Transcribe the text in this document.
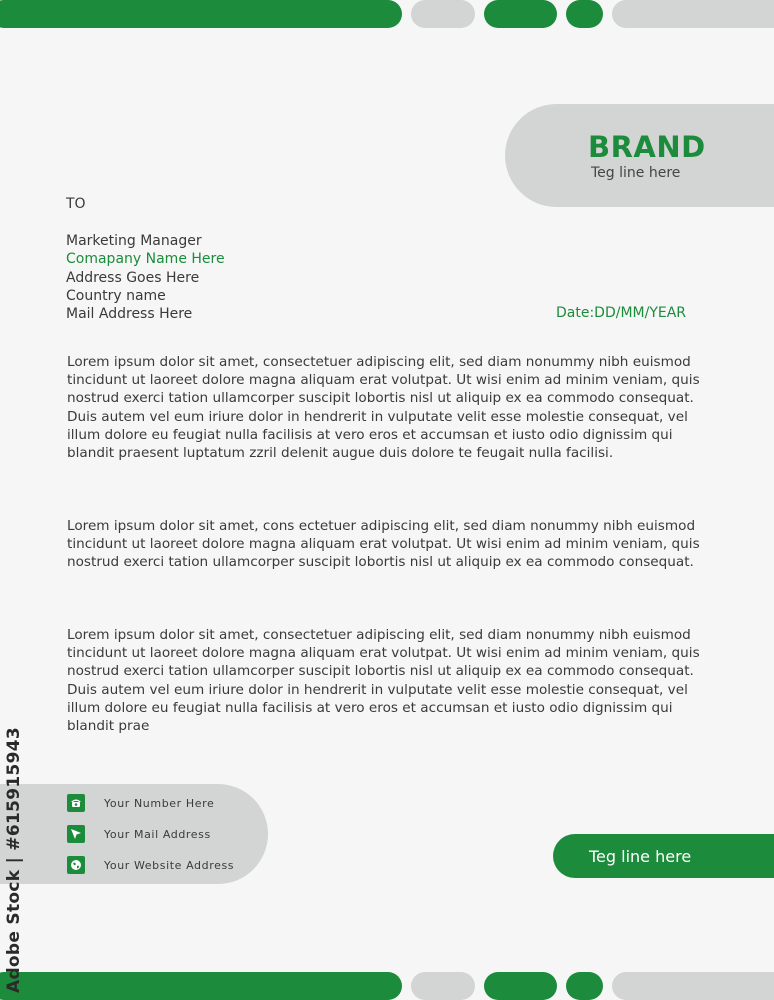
BRAND
Teg line here
TO
Marketing Manager
Comapany Name Here
Address Goes Here
Country name
Mail Address Here	Date:DD/MM/YEAR

Lorem ipsum dolor sit amet, consectetuer adipiscing elit, sed diam nonummy nibh euismod tincidunt ut laoreet dolore magna aliquam erat volutpat. Ut wisi enim ad minim veniam, quis nostrud exerci tation ullamcorper suscipit lobortis nisl ut aliquip ex ea commodo consequat. Duis autem vel eum iriure dolor in hendrerit in vulputate velit esse molestie consequat, vel illum dolore eu feugiat nulla facilisis at vero eros et accumsan et iusto odio dignissim qui blandit praesent luptatum zzril delenit augue duis dolore te feugait nulla facilisi.

Lorem ipsum dolor sit amet, cons ectetuer adipiscing elit, sed diam nonummy nibh euismod tincidunt ut laoreet dolore magna aliquam erat volutpat. Ut wisi enim ad minim veniam, quis nostrud exerci tation ullamcorper suscipit lobortis nisl ut aliquip ex ea commodo consequat.

Lorem ipsum dolor sit amet, consectetuer adipiscing elit, sed diam nonummy nibh euismod tincidunt ut laoreet dolore magna aliquam erat volutpat. Ut wisi enim ad minim veniam, quis nostrud exerci tation ullamcorper suscipit lobortis nisl ut aliquip ex ea commodo consequat. Duis autem vel eum iriure dolor in hendrerit in vulputate velit esse molestie consequat, vel illum dolore eu feugiat nulla facilisis at vero eros et accumsan et iusto odio dignissim qui blandit prae

Your Number Here
Your Mail Address
Your Website Address	Teg line here
Adobe Stock | #615915943
